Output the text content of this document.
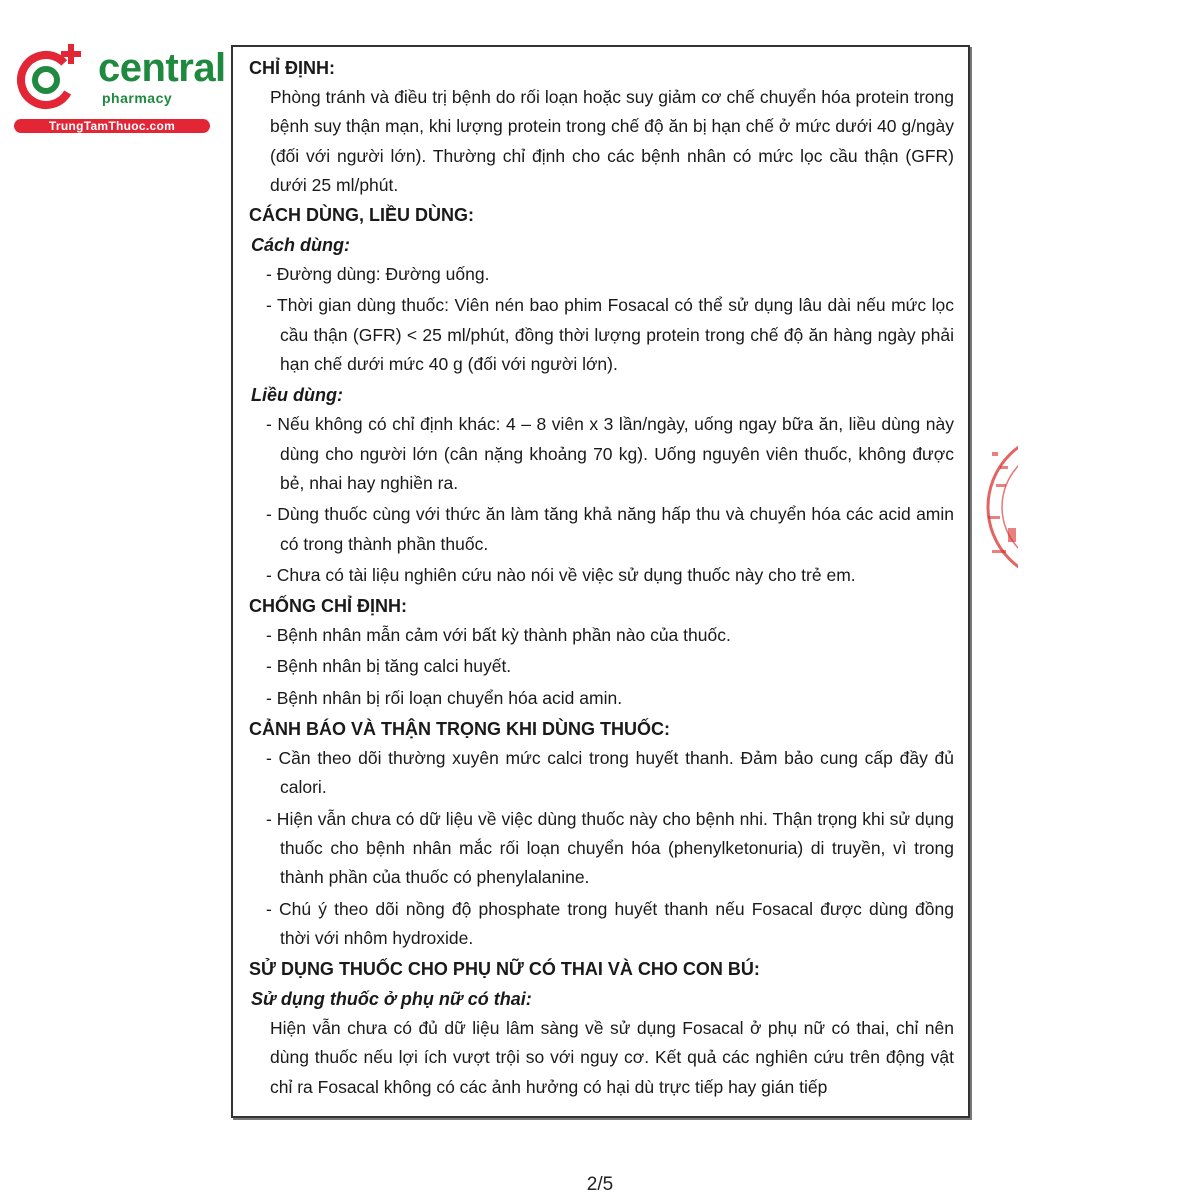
central
pharmacy
TrungTamThuoc.com
CHỈ ĐỊNH:

Phòng tránh và điều trị bệnh do rối loạn hoặc suy giảm cơ chế chuyển hóa protein trong bệnh suy thận mạn, khi lượng protein trong chế độ ăn bị hạn chế ở mức dưới 40 g/ngày (đối với người lớn). Thường chỉ định cho các bệnh nhân có mức lọc cầu thận (GFR) dưới 25 ml/phút.

CÁCH DÙNG, LIỀU DÙNG:
Cách dùng:
- Đường dùng: Đường uống.
- Thời gian dùng thuốc: Viên nén bao phim Fosacal có thể sử dụng lâu dài nếu mức lọc cầu thận (GFR) < 25 ml/phút, đồng thời lượng protein trong chế độ ăn hàng ngày phải hạn chế dưới mức 40 g (đối với người lớn).
Liều dùng:
- Nếu không có chỉ định khác: 4 – 8 viên x 3 lần/ngày, uống ngay bữa ăn, liều dùng này dùng cho người lớn (cân nặng khoảng 70 kg). Uống nguyên viên thuốc, không được bẻ, nhai hay nghiền ra.
- Dùng thuốc cùng với thức ăn làm tăng khả năng hấp thu và chuyển hóa các acid amin có trong thành phần thuốc.
- Chưa có tài liệu nghiên cứu nào nói về việc sử dụng thuốc này cho trẻ em.
CHỐNG CHỈ ĐỊNH:
- Bệnh nhân mẫn cảm với bất kỳ thành phần nào của thuốc.
- Bệnh nhân bị tăng calci huyết.
- Bệnh nhân bị rối loạn chuyển hóa acid amin.
CẢNH BÁO VÀ THẬN TRỌNG KHI DÙNG THUỐC:
- Cần theo dõi thường xuyên mức calci trong huyết thanh. Đảm bảo cung cấp đầy đủ calori.
- Hiện vẫn chưa có dữ liệu về việc dùng thuốc này cho bệnh nhi. Thận trọng khi sử dụng thuốc cho bệnh nhân mắc rối loạn chuyển hóa (phenylketonuria) di truyền, vì trong thành phần của thuốc có phenylalanine.
- Chú ý theo dõi nồng độ phosphate trong huyết thanh nếu Fosacal được dùng đồng thời với nhôm hydroxide.
SỬ DỤNG THUỐC CHO PHỤ NỮ CÓ THAI VÀ CHO CON BÚ:
Sử dụng thuốc ở phụ nữ có thai:

Hiện vẫn chưa có đủ dữ liệu lâm sàng về sử dụng Fosacal ở phụ nữ có thai, chỉ nên dùng thuốc nếu lợi ích vượt trội so với nguy cơ. Kết quả các nghiên cứu trên động vật chỉ ra Fosacal không có các ảnh hưởng có hại dù trực tiếp hay gián tiếp

2/5
